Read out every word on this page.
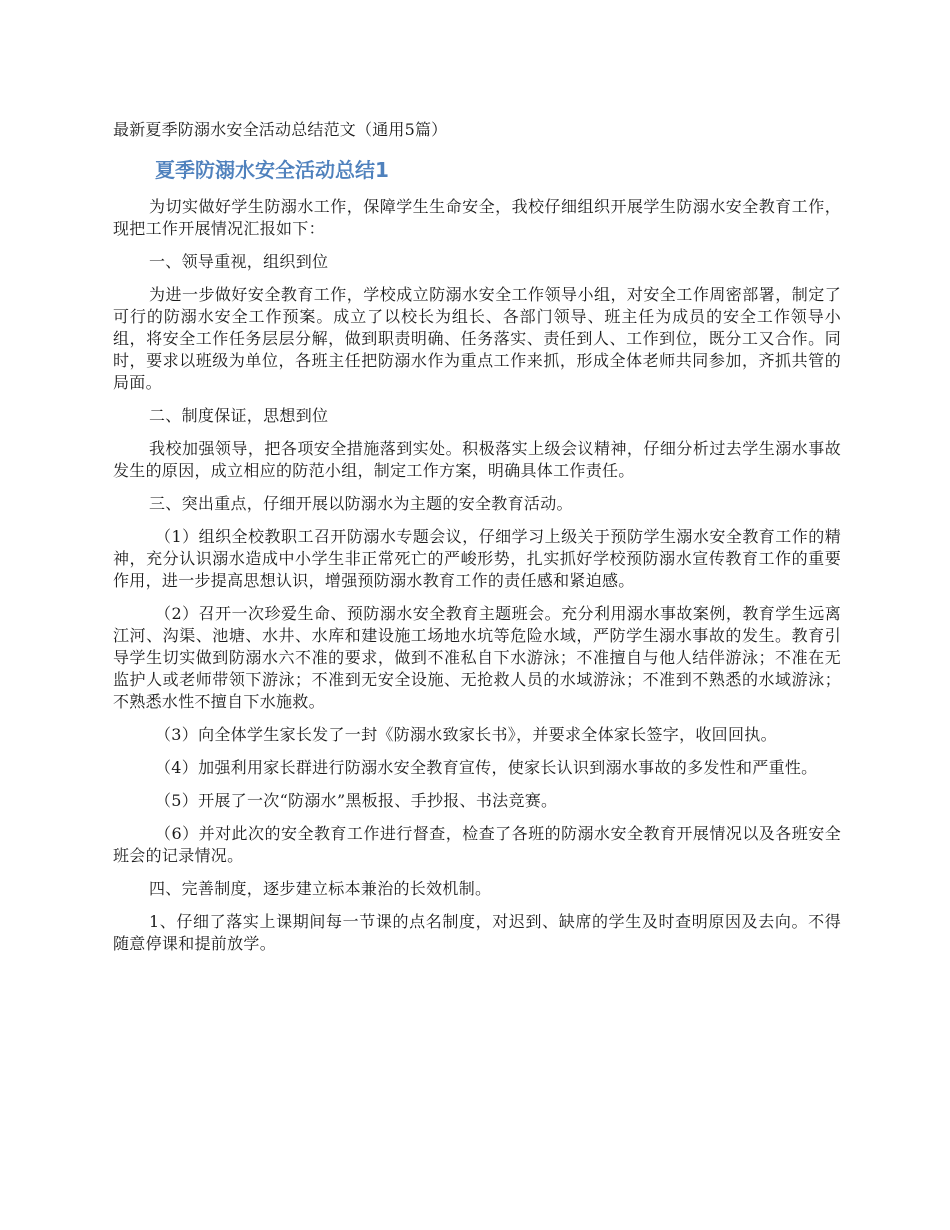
最新夏季防溺水安全活动总结范文（通用5篇）
夏季防溺水安全活动总结1

为切实做好学生防溺水工作，保障学生生命安全，我校仔细组织开展学生防溺水安全教育工作，现把工作开展情况汇报如下：

一、领导重视，组织到位

为进一步做好安全教育工作，学校成立防溺水安全工作领导小组，对安全工作周密部署，制定了可行的防溺水安全工作预案。成立了以校长为组长、各部门领导、班主任为成员的安全工作领导小组，将安全工作任务层层分解，做到职责明确、任务落实、责任到人、工作到位，既分工又合作。同时，要求以班级为单位，各班主任把防溺水作为重点工作来抓，形成全体老师共同参加，齐抓共管的局面。

二、制度保证，思想到位

我校加强领导，把各项安全措施落到实处。积极落实上级会议精神，仔细分析过去学生溺水事故发生的原因，成立相应的防范小组，制定工作方案，明确具体工作责任。

三、突出重点，仔细开展以防溺水为主题的安全教育活动。

（1）组织全校教职工召开防溺水专题会议，仔细学习上级关于预防学生溺水安全教育工作的精神，充分认识溺水造成中小学生非正常死亡的严峻形势，扎实抓好学校预防溺水宣传教育工作的重要作用，进一步提高思想认识，增强预防溺水教育工作的责任感和紧迫感。

（2）召开一次珍爱生命、预防溺水安全教育主题班会。充分利用溺水事故案例，教育学生远离江河、沟渠、池塘、水井、水库和建设施工场地水坑等危险水域，严防学生溺水事故的发生。教育引导学生切实做到防溺水六不准的要求，做到不准私自下水游泳；不准擅自与他人结伴游泳；不准在无监护人或老师带领下游泳；不准到无安全设施、无抢救人员的水域游泳；不准到不熟悉的水域游泳；不熟悉水性不擅自下水施救。

（3）向全体学生家长发了一封《防溺水致家长书》，并要求全体家长签字，收回回执。

（4）加强利用家长群进行防溺水安全教育宣传，使家长认识到溺水事故的多发性和严重性。

（5）开展了一次“防溺水”黑板报、手抄报、书法竞赛。

（6）并对此次的安全教育工作进行督查，检查了各班的防溺水安全教育开展情况以及各班安全班会的记录情况。

四、完善制度，逐步建立标本兼治的长效机制。

1、仔细了落实上课期间每一节课的点名制度，对迟到、缺席的学生及时查明原因及去向。不得随意停课和提前放学。
